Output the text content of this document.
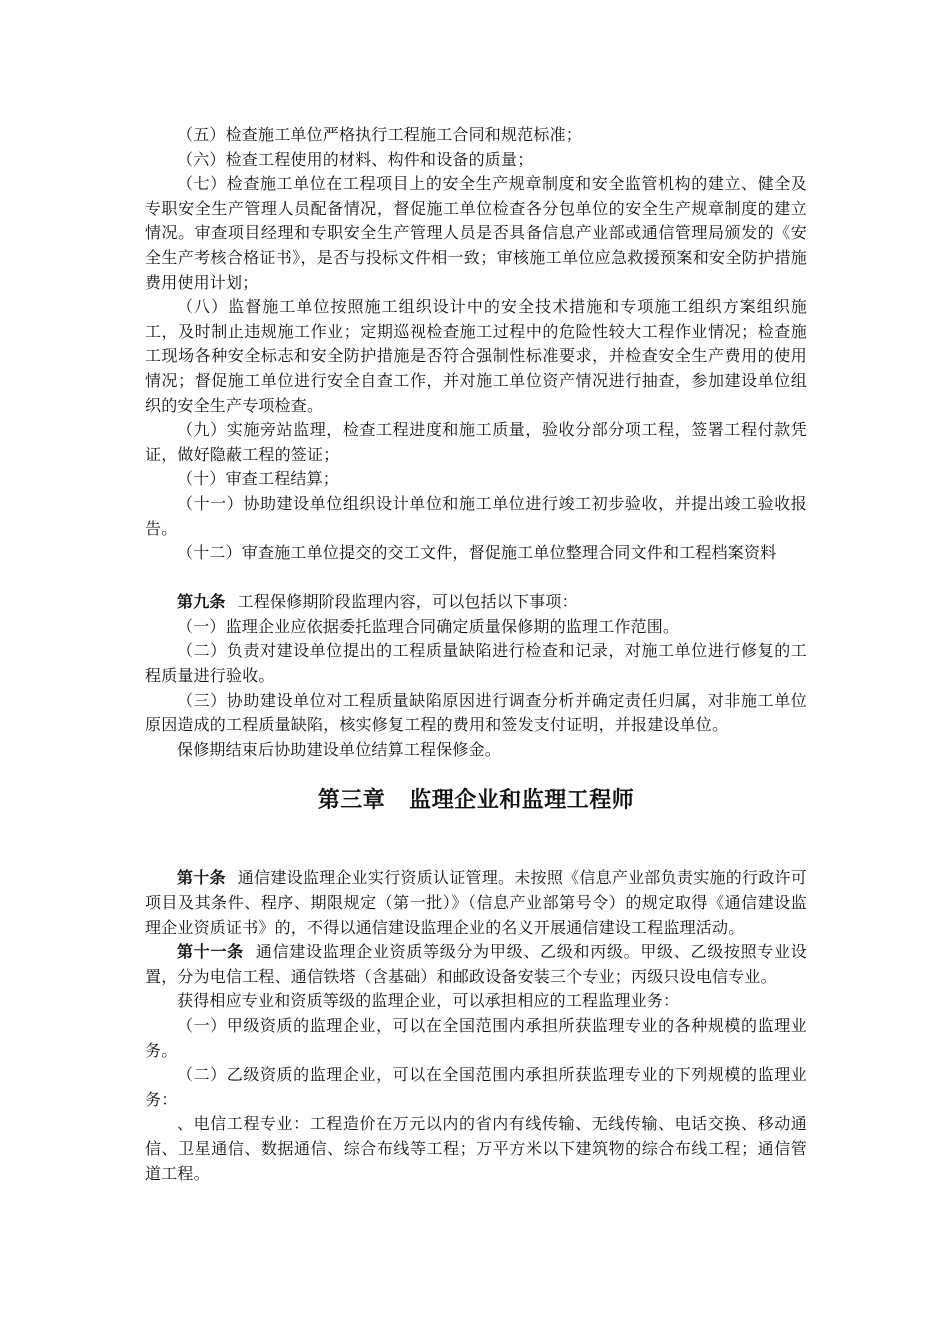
（五）检查施工单位严格执行工程施工合同和规范标准；

（六）检查工程使用的材料、构件和设备的质量；

（七）检查施工单位在工程项目上的安全生产规章制度和安全监管机构的建立、健全及专职安全生产管理人员配备情况，督促施工单位检查各分包单位的安全生产规章制度的建立情况。审查项目经理和专职安全生产管理人员是否具备信息产业部或通信管理局颁发的《安全生产考核合格证书》，是否与投标文件相一致；审核施工单位应急救援预案和安全防护措施费用使用计划；

（八）监督施工单位按照施工组织设计中的安全技术措施和专项施工组织方案组织施工，及时制止违规施工作业；定期巡视检查施工过程中的危险性较大工程作业情况；检查施工现场各种安全标志和安全防护措施是否符合强制性标准要求，并检查安全生产费用的使用情况；督促施工单位进行安全自查工作，并对施工单位资产情况进行抽查，参加建设单位组织的安全生产专项检查。

（九）实施旁站监理，检查工程进度和施工质量，验收分部分项工程，签署工程付款凭证，做好隐蔽工程的签证；

（十）审查工程结算；

（十一）协助建设单位组织设计单位和施工单位进行竣工初步验收，并提出竣工验收报告。

（十二）审查施工单位提交的交工文件，督促施工单位整理合同文件和工程档案资料

第九条 工程保修期阶段监理内容，可以包括以下事项：

（一）监理企业应依据委托监理合同确定质量保修期的监理工作范围。

（二）负责对建设单位提出的工程质量缺陷进行检查和记录，对施工单位进行修复的工程质量进行验收。

（三）协助建设单位对工程质量缺陷原因进行调查分析并确定责任归属，对非施工单位原因造成的工程质量缺陷，核实修复工程的费用和签发支付证明，并报建设单位。

保修期结束后协助建设单位结算工程保修金。

第三章 监理企业和监理工程师

第十条 通信建设监理企业实行资质认证管理。未按照《信息产业部负责实施的行政许可项目及其条件、程序、期限规定（第一批）》（信息产业部第号令）的规定取得《通信建设监理企业资质证书》的，不得以通信建设监理企业的名义开展通信建设工程监理活动。

第十一条 通信建设监理企业资质等级分为甲级、乙级和丙级。甲级、乙级按照专业设置，分为电信工程、通信铁塔（含基础）和邮政设备安装三个专业；丙级只设电信专业。

获得相应专业和资质等级的监理企业，可以承担相应的工程监理业务：

（一）甲级资质的监理企业，可以在全国范围内承担所获监理专业的各种规模的监理业务。

（二）乙级资质的监理企业，可以在全国范围内承担所获监理专业的下列规模的监理业务：

、电信工程专业：工程造价在万元以内的省内有线传输、无线传输、电话交换、移动通信、卫星通信、数据通信、综合布线等工程；万平方米以下建筑物的综合布线工程；通信管道工程。
